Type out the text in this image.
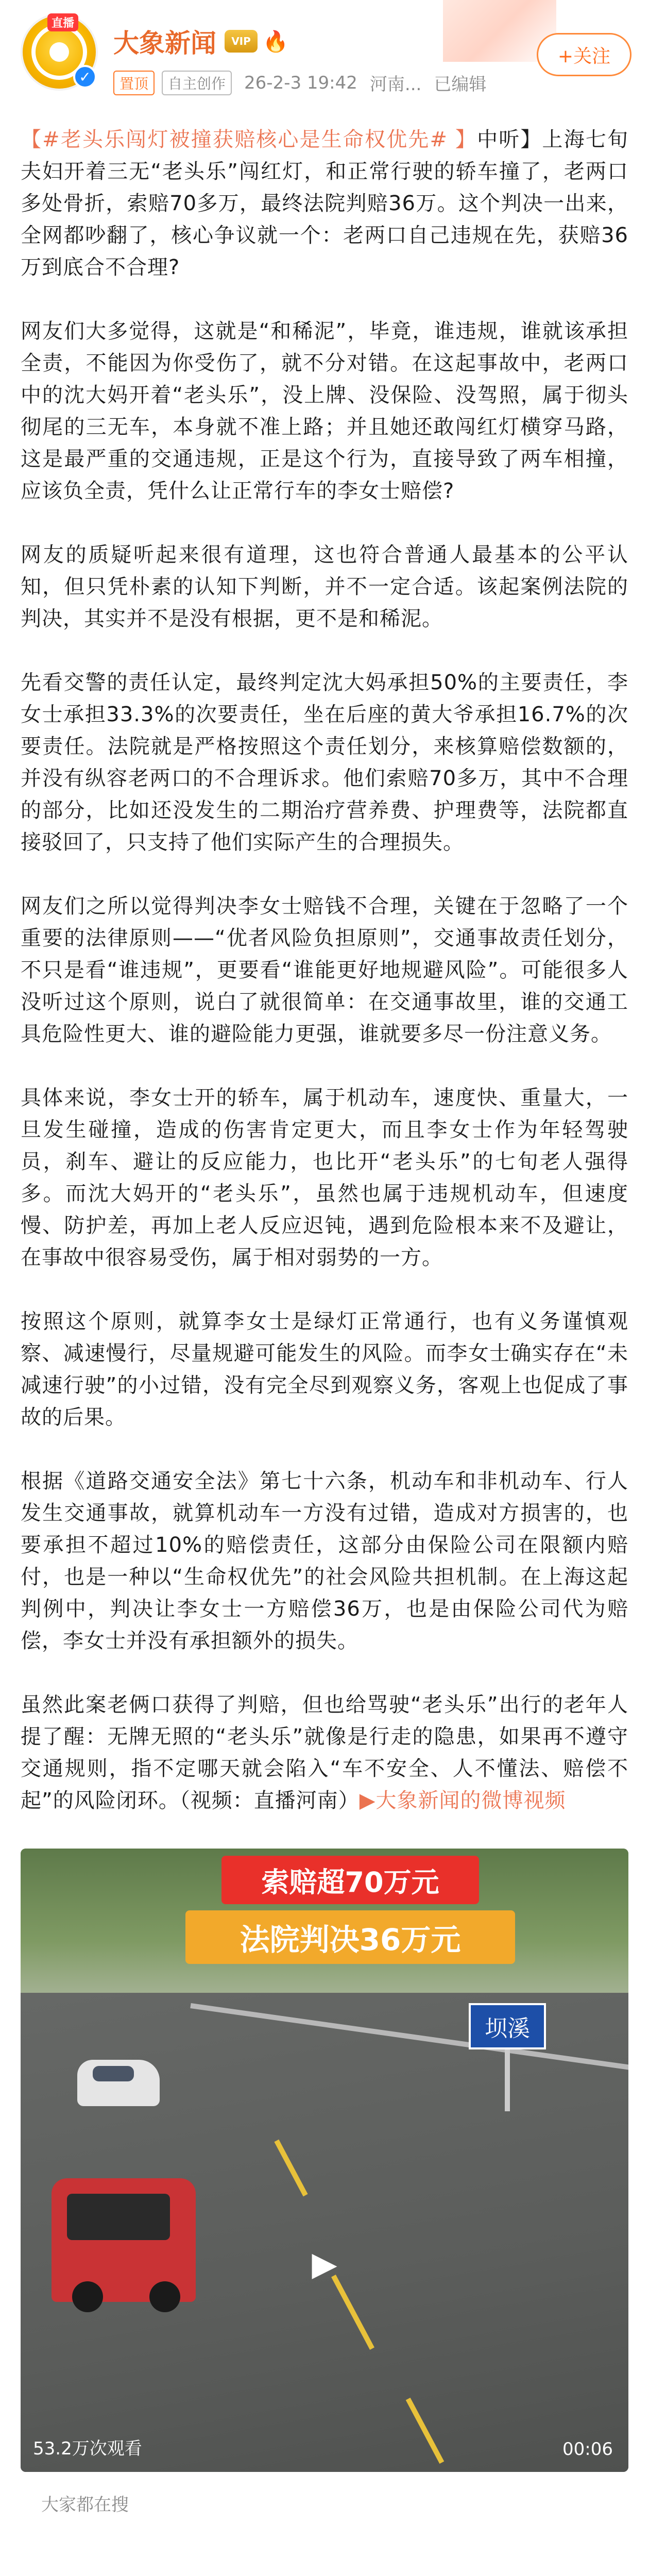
直播
✓
大象新闻	VIP 🔥
置顶	自主创作	26-2-3 19:42 河南... 已编辑
+关注

【#老头乐闯灯被撞获赔核心是生命权优先# 】中听】上海七旬夫妇开着三无“老头乐”闯红灯，和正常行驶的轿车撞了，老两口多处骨折，索赔70多万，最终法院判赔36万。这个判决一出来，全网都吵翻了，核心争议就一个：老两口自己违规在先，获赔36万到底合不合理?

网友们大多觉得，这就是“和稀泥”，毕竟，谁违规，谁就该承担全责，不能因为你受伤了，就不分对错。在这起事故中，老两口中的沈大妈开着“老头乐”，没上牌、没保险、没驾照，属于彻头彻尾的三无车，本身就不准上路；并且她还敢闯红灯横穿马路，这是最严重的交通违规，正是这个行为，直接导致了两车相撞，应该负全责，凭什么让正常行车的李女士赔偿?

网友的质疑听起来很有道理，这也符合普通人最基本的公平认知，但只凭朴素的认知下判断，并不一定合适。该起案例法院的判决，其实并不是没有根据，更不是和稀泥。

先看交警的责任认定，最终判定沈大妈承担50%的主要责任，李女士承担33.3%的次要责任，坐在后座的黄大爷承担16.7%的次要责任。法院就是严格按照这个责任划分，来核算赔偿数额的，并没有纵容老两口的不合理诉求。他们索赔70多万，其中不合理的部分，比如还没发生的二期治疗营养费、护理费等，法院都直接驳回了，只支持了他们实际产生的合理损失。

网友们之所以觉得判决李女士赔钱不合理，关键在于忽略了一个重要的法律原则——“优者风险负担原则”，交通事故责任划分，不只是看“谁违规”，更要看“谁能更好地规避风险”。可能很多人没听过这个原则，说白了就很简单：在交通事故里，谁的交通工具危险性更大、谁的避险能力更强，谁就要多尽一份注意义务。

具体来说，李女士开的轿车，属于机动车，速度快、重量大，一旦发生碰撞，造成的伤害肯定更大，而且李女士作为年轻驾驶员，刹车、避让的反应能力，也比开“老头乐”的七旬老人强得多。而沈大妈开的“老头乐”，虽然也属于违规机动车，但速度慢、防护差，再加上老人反应迟钝，遇到危险根本来不及避让，在事故中很容易受伤，属于相对弱势的一方。

按照这个原则，就算李女士是绿灯正常通行，也有义务谨慎观察、减速慢行，尽量规避可能发生的风险。而李女士确实存在“未减速行驶”的小过错，没有完全尽到观察义务，客观上也促成了事故的后果。

根据《道路交通安全法》第七十六条，机动车和非机动车、行人发生交通事故，就算机动车一方没有过错，造成对方损害的，也要承担不超过10%的赔偿责任，这部分由保险公司在限额内赔付，也是一种以“生命权优先”的社会风险共担机制。在上海这起判例中，判决让李女士一方赔偿36万，也是由保险公司代为赔偿，李女士并没有承担额外的损失。

虽然此案老俩口获得了判赔，但也给骂驶“老头乐”出行的老年人提了醒：无牌无照的“老头乐”就像是行走的隐患，如果再不遵守交通规则，指不定哪天就会陷入“车不安全、人不懂法、赔偿不起”的风险闭环。（视频：直播河南）▶大象新闻的微博视频

坝溪
索赔超70万元
法院判决36万元
▶
53.2万次观看	00:06
大家都在搜
